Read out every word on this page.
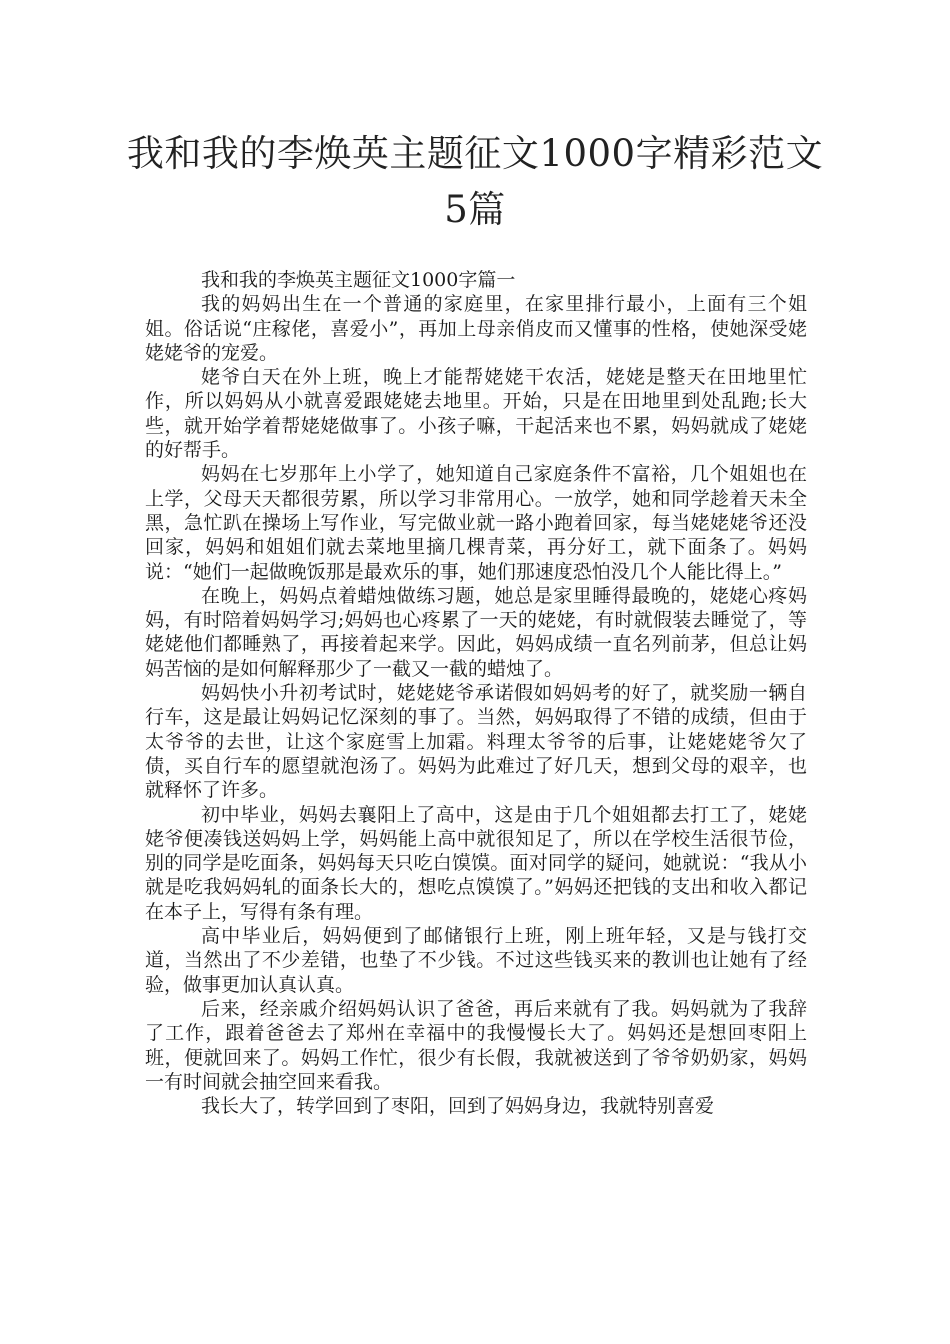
我和我的李焕英主题征文1000字精彩范文
5篇

我和我的李焕英主题征文1000字篇一

我的妈妈出生在一个普通的家庭里，在家里排行最小，上面有三个姐姐。俗话说“庄稼佬，喜爱小”，再加上母亲俏皮而又懂事的性格，使她深受姥姥姥爷的宠爱。

姥爷白天在外上班，晚上才能帮姥姥干农活，姥姥是整天在田地里忙作，所以妈妈从小就喜爱跟姥姥去地里。开始，只是在田地里到处乱跑;长大些，就开始学着帮姥姥做事了。小孩子嘛，干起活来也不累，妈妈就成了姥姥的好帮手。

妈妈在七岁那年上小学了，她知道自己家庭条件不富裕，几个姐姐也在上学，父母天天都很劳累，所以学习非常用心。一放学，她和同学趁着天未全黑，急忙趴在操场上写作业，写完做业就一路小跑着回家，每当姥姥姥爷还没回家，妈妈和姐姐们就去菜地里摘几棵青菜，再分好工，就下面条了。妈妈说：“她们一起做晚饭那是最欢乐的事，她们那速度恐怕没几个人能比得上。”

在晚上，妈妈点着蜡烛做练习题，她总是家里睡得最晚的，姥姥心疼妈妈，有时陪着妈妈学习;妈妈也心疼累了一天的姥姥，有时就假装去睡觉了，等姥姥他们都睡熟了，再接着起来学。因此，妈妈成绩一直名列前茅，但总让妈妈苦恼的是如何解释那少了一截又一截的蜡烛了。

妈妈快小升初考试时，姥姥姥爷承诺假如妈妈考的好了，就奖励一辆自行车，这是最让妈妈记忆深刻的事了。当然，妈妈取得了不错的成绩，但由于太爷爷的去世，让这个家庭雪上加霜。料理太爷爷的后事，让姥姥姥爷欠了债，买自行车的愿望就泡汤了。妈妈为此难过了好几天，想到父母的艰辛，也就释怀了许多。

初中毕业，妈妈去襄阳上了高中，这是由于几个姐姐都去打工了，姥姥姥爷便凑钱送妈妈上学，妈妈能上高中就很知足了，所以在学校生活很节俭，别的同学是吃面条，妈妈每天只吃白馍馍。面对同学的疑问，她就说：“我从小就是吃我妈妈轧的面条长大的，想吃点馍馍了。”妈妈还把钱的支出和收入都记在本子上，写得有条有理。

高中毕业后，妈妈便到了邮储银行上班，刚上班年轻，又是与钱打交道，当然出了不少差错，也垫了不少钱。不过这些钱买来的教训也让她有了经验，做事更加认真认真。

后来，经亲戚介绍妈妈认识了爸爸，再后来就有了我。妈妈就为了我辞了工作，跟着爸爸去了郑州在幸福中的我慢慢长大了。妈妈还是想回枣阳上班，便就回来了。妈妈工作忙，很少有长假，我就被送到了爷爷奶奶家，妈妈一有时间就会抽空回来看我。

我长大了，转学回到了枣阳，回到了妈妈身边，我就特别喜爱
